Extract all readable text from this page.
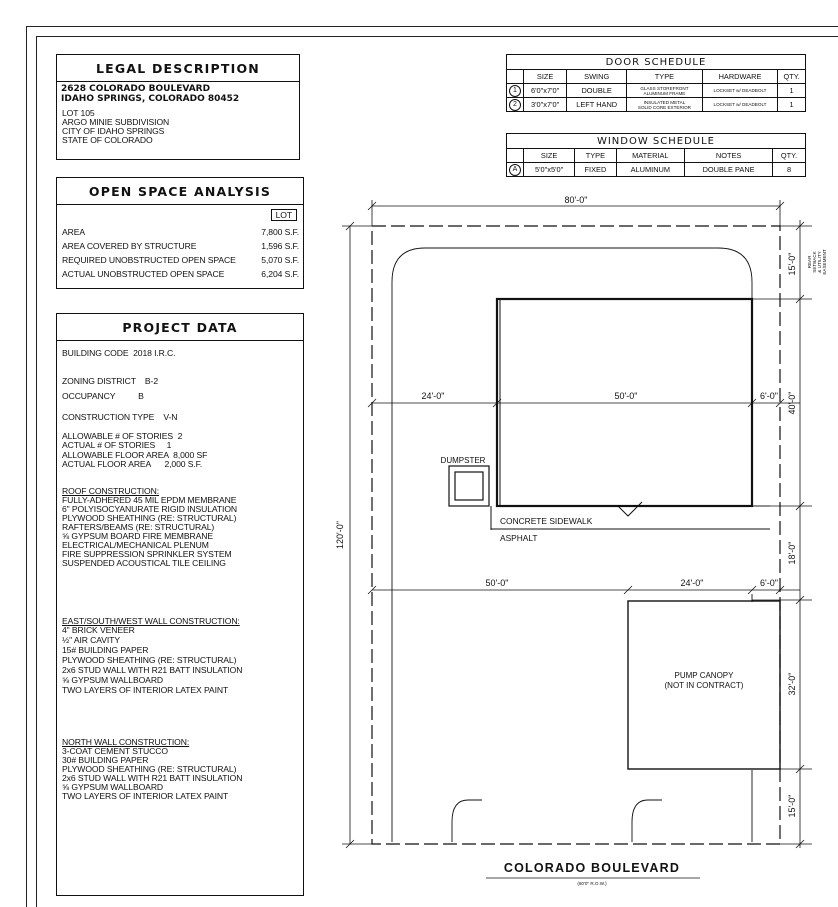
LEGAL DESCRIPTION
2628 COLORADO BOULEVARD
IDAHO SPRINGS, COLORADO 80452
LOT 105
ARGO MINIE SUBDIVISION
CITY OF IDAHO SPRINGS
STATE OF COLORADO
OPEN SPACE ANALYSIS
LOT
AREA	7,800 S.F.
AREA COVERED BY STRUCTURE	1,596 S.F.
REQUIRED UNOBSTRUCTED OPEN SPACE	5,070 S.F.
ACTUAL UNOBSTRUCTED OPEN SPACE	6,204 S.F.
PROJECT DATA
BUILDING CODE  2018 I.R.C.
ZONING DISTRICT    B-2
OCCUPANCY          B
CONSTRUCTION TYPE    V-N
ALLOWABLE # OF STORIES  2
ACTUAL # OF STORIES     1
ALLOWABLE FLOOR AREA  8,000 SF
ACTUAL FLOOR AREA      2,000 S.F.
ROOF CONSTRUCTION:
FULLY-ADHERED 45 MIL EPDM MEMBRANE
6" POLYISOCYANURATE RIGID INSULATION
PLYWOOD SHEATHING (RE: STRUCTURAL)
RAFTERS/BEAMS (RE: STRUCTURAL)
⅝ GYPSUM BOARD FIRE MEMBRANE
ELECTRICAL/MECHANICAL PLENUM
FIRE SUPPRESSION SPRINKLER SYSTEM
SUSPENDED ACOUSTICAL TILE CEILING
EAST/SOUTH/WEST WALL CONSTRUCTION:
4" BRICK VENEER
½" AIR CAVITY
15# BUILDING PAPER
PLYWOOD SHEATHING (RE: STRUCTURAL)
2x6 STUD WALL WITH R21 BATT INSULATION
⅝ GYPSUM WALLBOARD
TWO LAYERS OF INTERIOR LATEX PAINT
NORTH WALL CONSTRUCTION:
3-COAT CEMENT STUCCO
30# BUILDING PAPER
PLYWOOD SHEATHING (RE: STRUCTURAL)
2x6 STUD WALL WITH R21 BATT INSULATION
⅝ GYPSUM WALLBOARD
TWO LAYERS OF INTERIOR LATEX PAINT
DOOR SCHEDULE					
	SIZE	SWING	TYPE	HARDWARE	QTY.
1	6'0"x7'0"	DOUBLE	GLASS STOREFRONT
ALUMINUM FRAME	LOCKSET w/ DEADBOLT	1
2	3'0"x7'0"	LEFT HAND	INSULATED METAL
SOLID CORE EXTERIOR	LOCKSET w/ DEADBOLT	1
WINDOW SCHEDULE					
	SIZE	TYPE	MATERIAL	NOTES	QTY.
A	5'0"x5'0"	FIXED	ALUMINUM	DOUBLE PANE	8
80'-0"
120'-0"
24'-0"	50'-0"	6'-0"
50'-0"	24'-0"	6'-0"
15'-0"
40'-0"
18'-0"
32'-0"
15'-0"
REAR SETBACK & UTILITY EASEMENT
DUMPSTER
CONCRETE SIDEWALK
ASPHALT
PUMP CANOPY
(NOT IN CONTRACT)
COLORADO BOULEVARD
(60'0" R.O.W.)
